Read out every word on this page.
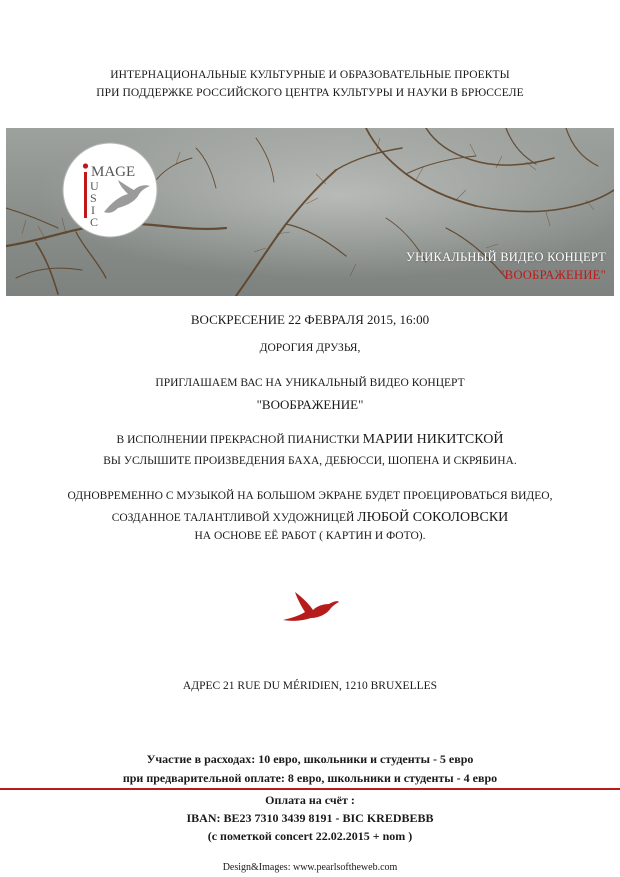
ИНТЕРНАЦИОНАЛЬНЫЕ КУЛЬТУРНЫЕ И ОБРАЗОВАТЕЛЬНЫЕ ПРОЕКТЫ
ПРИ ПОДДЕРЖКЕ РОССИЙСКОГО ЦЕНТРА КУЛЬТУРЫ И НАУКИ В БРЮССЕЛЕ
MAGE
U
S
I
C
УНИКАЛЬНЫЙ ВИДЕО КОНЦЕРТ
"ВООБРАЖЕНИЕ"
ВОСКРЕСЕНИЕ 22 ФЕВРАЛЯ 2015, 16:00
ДОРОГИЯ ДРУЗЬЯ,
ПРИГЛАШАЕМ ВАС НА УНИКАЛЬНЫЙ ВИДЕО КОНЦЕРТ
"ВООБРАЖЕНИЕ"
В ИСПОЛНЕНИИ ПРЕКРАСНОЙ ПИАНИСТКИ МАРИИ НИКИТСКОЙ
ВЫ УСЛЫШИТЕ ПРОИЗВЕДЕНИЯ БАХА, ДЕБЮССИ, ШОПЕНА И СКРЯБИНА.
ОДНОВРЕМЕННО С МУЗЫКОЙ НА БОЛЬШОМ ЭКРАНЕ БУДЕТ ПРОЕЦИРОВАТЬСЯ ВИДЕО,
СОЗДАННОЕ ТАЛАНТЛИВОЙ ХУДОЖНИЦЕЙ ЛЮБОЙ СОКОЛОВСКИ
НА ОСНОВЕ ЕЁ РАБОТ ( КАРТИН И ФОТО).
АДРЕС 21 RUE DU MÉRIDIEN, 1210 BRUXELLES
Участие в расходах: 10 евро, школьники и студенты - 5 евро
при предварительной оплате: 8 евро, школьники и студенты - 4 евро
Оплата на счёт :
IBAN: BE23 7310 3439 8191 - BIC KREDBEBB
(с пометкой concert 22.02.2015 + nom )
Design&Images: www.pearlsoftheweb.com
